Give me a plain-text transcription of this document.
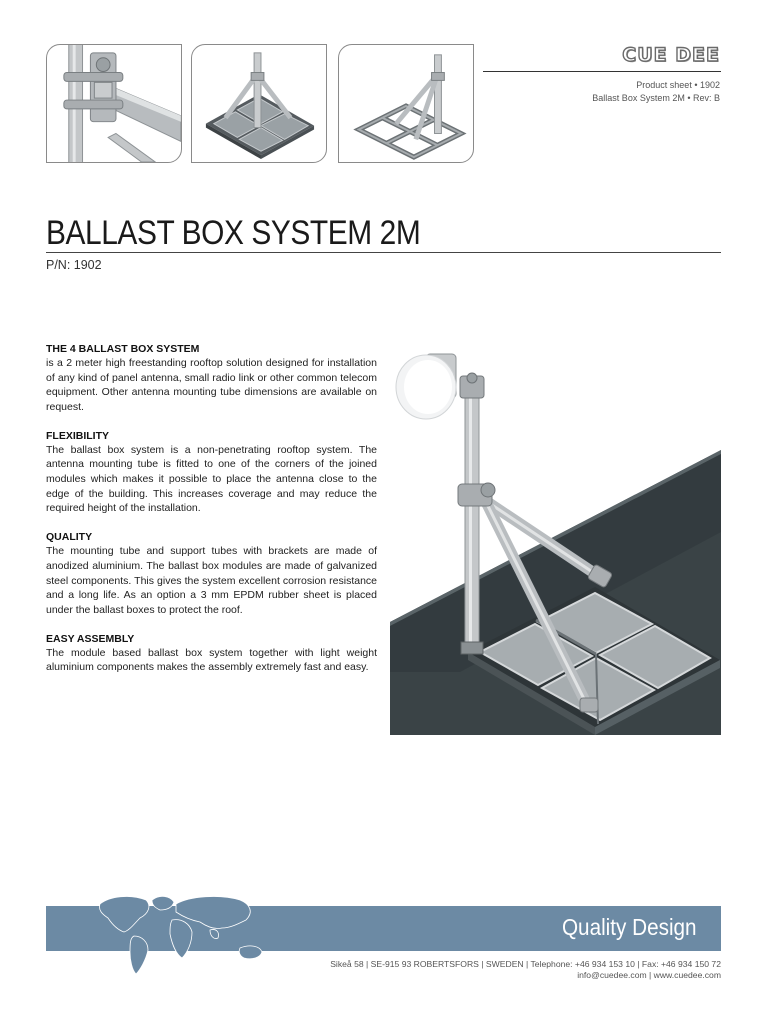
CUE DEE
Product sheet • 1902
Ballast Box System 2M • Rev: B
BALLAST BOX SYSTEM 2M
P/N: 1902
THE 4 BALLAST BOX SYSTEM

is a 2 meter high freestanding rooftop solution designed for installation of any kind of panel antenna, small radio link or other common telecom equipment. Other antenna mounting tube dimensions are available on request.

FLEXIBILITY

The ballast box system is a non-penetrating rooftop system. The antenna mounting tube is fitted to one of the corners of the joined modules which makes it possible to place the antenna close to the edge of the building. This increases coverage and may reduce the required height of the installation.

QUALITY

The mounting tube and support tubes with brackets are made of anodized aluminium. The ballast box modules are made of galvanized steel components. This gives the system excellent corrosion resistance and a long life. As an option a 3 mm EPDM rubber sheet is placed under the ballast boxes to protect the roof.

EASY ASSEMBLY

The module based ballast box system together with light weight aluminium components makes the assembly extremely fast and easy.

Quality Design
Sikeå 58 | SE-915 93 ROBERTSFORS | SWEDEN | Telephone: +46 934 153 10 | Fax: +46 934 150 72
info@cuedee.com | www.cuedee.com
